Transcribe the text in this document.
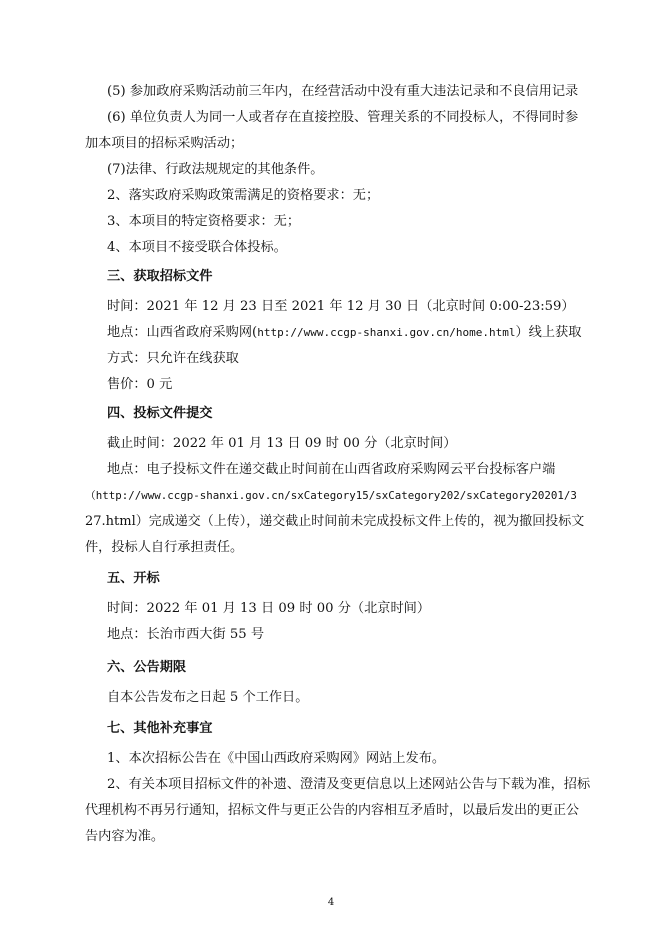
(5) 参加政府采购活动前三年内，在经营活动中没有重大违法记录和不良信用记录
(6) 单位负责人为同一人或者存在直接控股、管理关系的不同投标人，不得同时参
加本项目的招标采购活动；
(7)法律、行政法规规定的其他条件。
2、落实政府采购政策需满足的资格要求：无；
3、本项目的特定资格要求：无；
4、本项目不接受联合体投标。
三、获取招标文件
时间：2021 年 12 月 23 日至 2021 年 12 月 30 日（北京时间 0:00-23:59）
地点：山西省政府采购网(http://www.ccgp-shanxi.gov.cn/home.html）线上获取
方式：只允许在线获取
售价：0 元
四、投标文件提交
截止时间：2022 年 01 月 13 日 09 时 00 分（北京时间）
地点：电子投标文件在递交截止时间前在山西省政府采购网云平台投标客户端
（http://www.ccgp-shanxi.gov.cn/sxCategory15/sxCategory202/sxCategory20201/3
27.html）完成递交（上传），递交截止时间前未完成投标文件上传的，视为撤回投标文
件，投标人自行承担责任。
五、开标
时间：2022 年 01 月 13 日 09 时 00 分（北京时间）
地点：长治市西大街 55 号
六、公告期限
自本公告发布之日起 5 个工作日。
七、其他补充事宜
1、本次招标公告在《中国山西政府采购网》网站上发布。
2、有关本项目招标文件的补遗、澄清及变更信息以上述网站公告与下载为准，招标
代理机构不再另行通知，招标文件与更正公告的内容相互矛盾时，以最后发出的更正公
告内容为准。
4
